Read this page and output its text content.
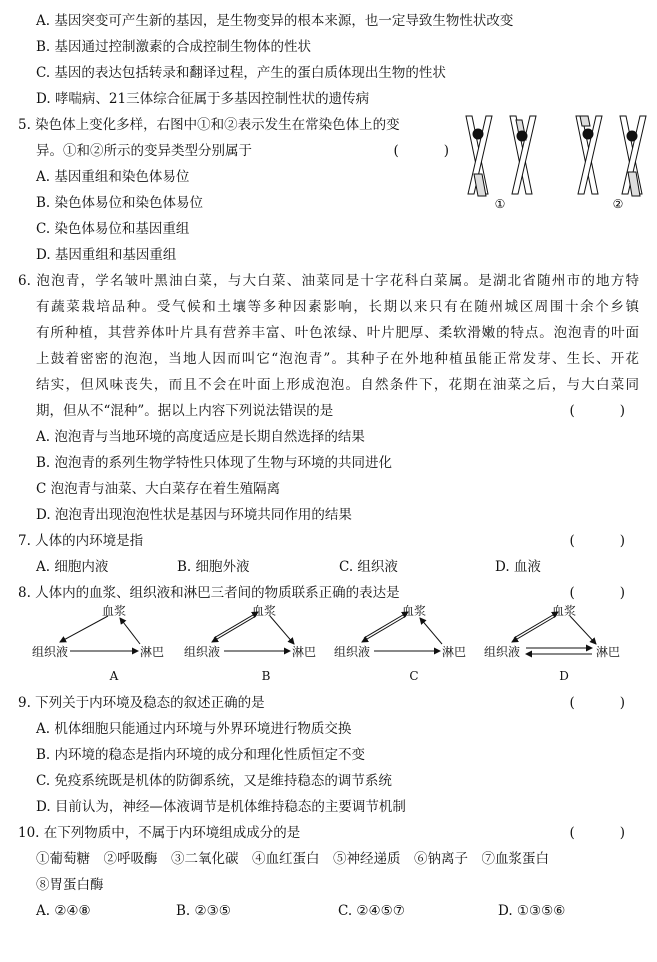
A. 基因突变可产生新的基因，是生物变异的根本来源，也一定导致生物性状改变
B. 基因通过控制激素的合成控制生物体的性状
C. 基因的表达包括转录和翻译过程，产生的蛋白质体现出生物的性状
D. 哮喘病、21三体综合征属于多基因控制性状的遗传病
5. 染色体上变化多样，右图中①和②表示发生在常染色体上的变
异。①和②所示的变异类型分别属于	(　　)
A. 基因重组和染色体易位
B. 染色体易位和染色体易位
C. 染色体易位和基因重组
D. 基因重组和基因重组
①	②
6. 泡泡青，学名皱叶黑油白菜，与大白菜、油菜同是十字花科白菜属。是湖北省随州市的地方特
有蔬菜栽培品种。受气候和土壤等多种因素影响，长期以来只有在随州城区周围十余个乡镇
有所种植，其营养体叶片具有营养丰富、叶色浓绿、叶片肥厚、柔软滑嫩的特点。泡泡青的叶面
上鼓着密密的泡泡，当地人因而叫它“泡泡青”。其种子在外地种植虽能正常发芽、生长、开花
结实，但风味丧失，而且不会在叶面上形成泡泡。自然条件下，花期在油菜之后，与大白菜同
期，但从不“混种”。据以上内容下列说法错误的是	(　　)
A. 泡泡青与当地环境的高度适应是长期自然选择的结果
B. 泡泡青的系列生物学特性只体现了生物与环境的共同进化
C 泡泡青与油菜、大白菜存在着生殖隔离
D. 泡泡青出现泡泡性状是基因与环境共同作用的结果
7. 人体的内环境是指	(　　)
A. 细胞内液	B. 细胞外液	C. 组织液	D. 血液
8. 人体内的血浆、组织液和淋巴三者间的物质联系正确的表达是	(　　)
血浆
组织液	淋巴
A
血浆
组织液	淋巴
B
血浆
组织液	淋巴
C
血浆
组织液	淋巴
D
9. 下列关于内环境及稳态的叙述正确的是	(　　)
A. 机体细胞只能通过内环境与外界环境进行物质交换
B. 内环境的稳态是指内环境的成分和理化性质恒定不变
C. 免疫系统既是机体的防御系统，又是维持稳态的调节系统
D. 目前认为，神经—体液调节是机体维持稳态的主要调节机制
10. 在下列物质中，不属于内环境组成成分的是	(　　)
①葡萄糖　②呼吸酶　③二氧化碳　④血红蛋白　⑤神经递质　⑥钠离子　⑦血浆蛋白
⑧胃蛋白酶
A. ②④⑧	B. ②③⑤	C. ②④⑤⑦	D. ①③⑤⑥
